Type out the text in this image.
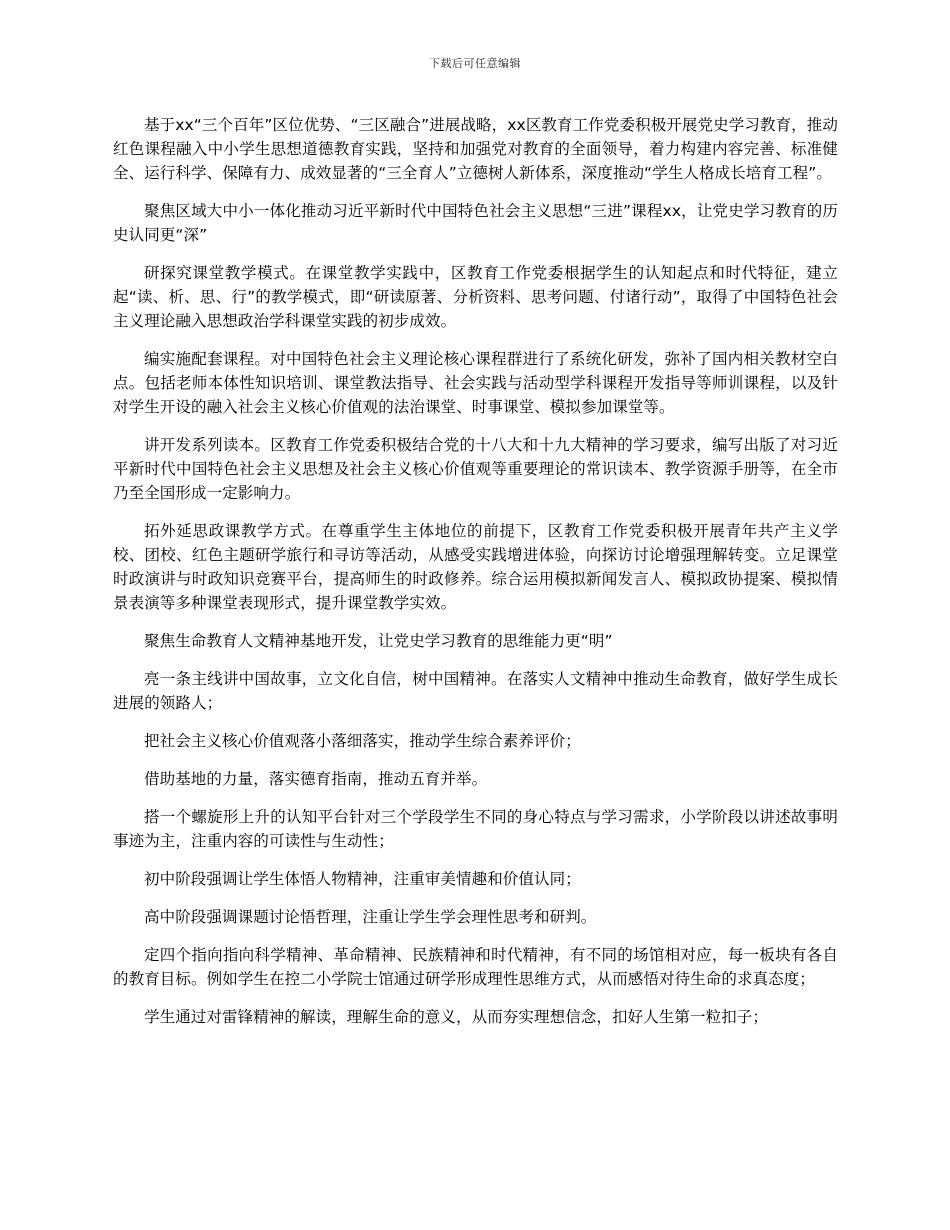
下载后可任意编辑

基于xx“三个百年”区位优势、“三区融合”进展战略，xx区教育工作党委积极开展党史学习教育，推动红色课程融入中小学生思想道德教育实践，坚持和加强党对教育的全面领导，着力构建内容完善、标准健全、运行科学、保障有力、成效显著的“三全育人”立德树人新体系，深度推动“学生人格成长培育工程”。

聚焦区域大中小一体化推动习近平新时代中国特色社会主义思想“三进”课程xx，让党史学习教育的历史认同更“深”

研探究课堂教学模式。在课堂教学实践中，区教育工作党委根据学生的认知起点和时代特征，建立起“读、析、思、行”的教学模式，即“研读原著、分析资料、思考问题、付诸行动”，取得了中国特色社会主义理论融入思想政治学科课堂实践的初步成效。

编实施配套课程。对中国特色社会主义理论核心课程群进行了系统化研发，弥补了国内相关教材空白点。包括老师本体性知识培训、课堂教法指导、社会实践与活动型学科课程开发指导等师训课程，以及针对学生开设的融入社会主义核心价值观的法治课堂、时事课堂、模拟参加课堂等。

讲开发系列读本。区教育工作党委积极结合党的十八大和十九大精神的学习要求，编写出版了对习近平新时代中国特色社会主义思想及社会主义核心价值观等重要理论的常识读本、教学资源手册等，在全市乃至全国形成一定影响力。

拓外延思政课教学方式。在尊重学生主体地位的前提下，区教育工作党委积极开展青年共产主义学校、团校、红色主题研学旅行和寻访等活动，从感受实践增进体验，向探访讨论增强理解转变。立足课堂时政演讲与时政知识竞赛平台，提高师生的时政修养。综合运用模拟新闻发言人、模拟政协提案、模拟情景表演等多种课堂表现形式，提升课堂教学实效。

聚焦生命教育人文精神基地开发，让党史学习教育的思维能力更“明”

亮一条主线讲中国故事，立文化自信，树中国精神。在落实人文精神中推动生命教育，做好学生成长进展的领路人；

把社会主义核心价值观落小落细落实，推动学生综合素养评价；

借助基地的力量，落实德育指南，推动五育并举。

搭一个螺旋形上升的认知平台针对三个学段学生不同的身心特点与学习需求，小学阶段以讲述故事明事迹为主，注重内容的可读性与生动性；

初中阶段强调让学生体悟人物精神，注重审美情趣和价值认同；

高中阶段强调课题讨论悟哲理，注重让学生学会理性思考和研判。

定四个指向指向科学精神、革命精神、民族精神和时代精神，有不同的场馆相对应，每一板块有各自的教育目标。例如学生在控二小学院士馆通过研学形成理性思维方式，从而感悟对待生命的求真态度；

学生通过对雷锋精神的解读，理解生命的意义，从而夯实理想信念，扣好人生第一粒扣子；
